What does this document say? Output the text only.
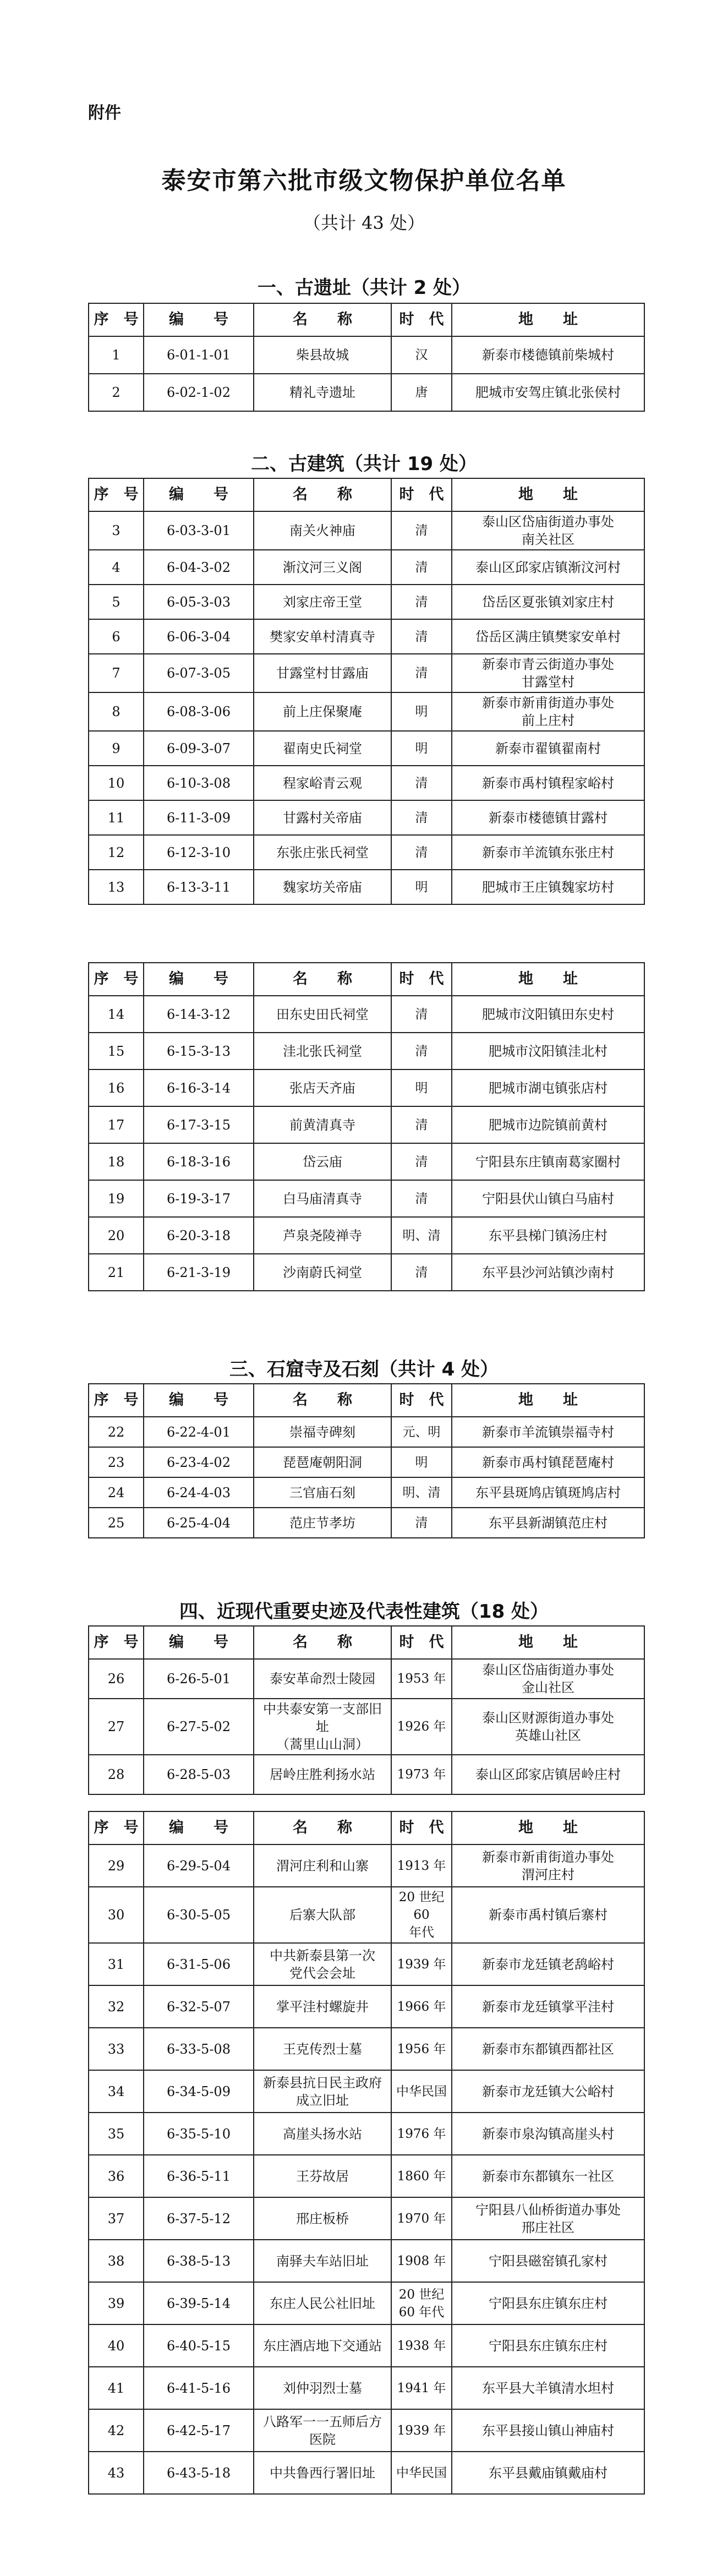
附件
泰安市第六批市级文物保护单位名单
（共计 43 处）
一、古遗址（共计 2 处）
序　号	编　　号	名　　称	时　代	地　　址
1	6-01-1-01	柴县故城	汉	新泰市楼德镇前柴城村
2	6-02-1-02	精礼寺遗址	唐	肥城市安驾庄镇北张侯村
二、古建筑（共计 19 处）
序　号	编　　号	名　　称	时　代	地　　址
3	6-03-3-01	南关火神庙	清	泰山区岱庙街道办事处
南关社区
4	6-04-3-02	渐汶河三义阁	清	泰山区邱家店镇渐汶河村
5	6-05-3-03	刘家庄帝王堂	清	岱岳区夏张镇刘家庄村
6	6-06-3-04	樊家安单村清真寺	清	岱岳区满庄镇樊家安单村
7	6-07-3-05	甘露堂村甘露庙	清	新泰市青云街道办事处
甘露堂村
8	6-08-3-06	前上庄保聚庵	明	新泰市新甫街道办事处
前上庄村
9	6-09-3-07	翟南史氏祠堂	明	新泰市翟镇翟南村
10	6-10-3-08	程家峪青云观	清	新泰市禹村镇程家峪村
11	6-11-3-09	甘露村关帝庙	清	新泰市楼德镇甘露村
12	6-12-3-10	东张庄张氏祠堂	清	新泰市羊流镇东张庄村
13	6-13-3-11	魏家坊关帝庙	明	肥城市王庄镇魏家坊村
序　号	编　　号	名　　称	时　代	地　　址
14	6-14-3-12	田东史田氏祠堂	清	肥城市汶阳镇田东史村
15	6-15-3-13	洼北张氏祠堂	清	肥城市汶阳镇洼北村
16	6-16-3-14	张店天齐庙	明	肥城市湖屯镇张店村
17	6-17-3-15	前黄清真寺	清	肥城市边院镇前黄村
18	6-18-3-16	岱云庙	清	宁阳县东庄镇南葛家圈村
19	6-19-3-17	白马庙清真寺	清	宁阳县伏山镇白马庙村
20	6-20-3-18	芦泉尧陵禅寺	明、清	东平县梯门镇汤庄村
21	6-21-3-19	沙南蔚氏祠堂	清	东平县沙河站镇沙南村
三、石窟寺及石刻（共计 4 处）
序　号	编　　号	名　　称	时　代	地　　址
22	6-22-4-01	崇福寺碑刻	元、明	新泰市羊流镇崇福寺村
23	6-23-4-02	琵琶庵朝阳洞	明	新泰市禹村镇琵琶庵村
24	6-24-4-03	三官庙石刻	明、清	东平县斑鸠店镇斑鸠店村
25	6-25-4-04	范庄节孝坊	清	东平县新湖镇范庄村
四、近现代重要史迹及代表性建筑（18 处）
序　号	编　　号	名　　称	时　代	地　　址
26	6-26-5-01	泰安革命烈士陵园	1953 年	泰山区岱庙街道办事处
金山社区
27	6-27-5-02	中共泰安第一支部旧址
（蒿里山山洞）	1926 年	泰山区财源街道办事处
英雄山社区
28	6-28-5-03	居岭庄胜利扬水站	1973 年	泰山区邱家店镇居岭庄村
序　号	编　　号	名　　称	时　代	地　　址
29	6-29-5-04	渭河庄利和山寨	1913 年	新泰市新甫街道办事处
渭河庄村
30	6-30-5-05	后寨大队部	20 世纪 60
年代	新泰市禹村镇后寨村
31	6-31-5-06	中共新泰县第一次
党代会会址	1939 年	新泰市龙廷镇老鸹峪村
32	6-32-5-07	掌平洼村螺旋井	1966 年	新泰市龙廷镇掌平洼村
33	6-33-5-08	王克传烈士墓	1956 年	新泰市东都镇西都社区
34	6-34-5-09	新泰县抗日民主政府
成立旧址	中华民国	新泰市龙廷镇大公峪村
35	6-35-5-10	高崖头扬水站	1976 年	新泰市泉沟镇高崖头村
36	6-36-5-11	王芬故居	1860 年	新泰市东都镇东一社区
37	6-37-5-12	邢庄板桥	1970 年	宁阳县八仙桥街道办事处
邢庄社区
38	6-38-5-13	南驿夫车站旧址	1908 年	宁阳县磁窑镇孔家村
39	6-39-5-14	东庄人民公社旧址	20 世纪
60 年代	宁阳县东庄镇东庄村
40	6-40-5-15	东庄酒店地下交通站	1938 年	宁阳县东庄镇东庄村
41	6-41-5-16	刘仲羽烈士墓	1941 年	东平县大羊镇清水坦村
42	6-42-5-17	八路军一一五师后方
医院	1939 年	东平县接山镇山神庙村
43	6-43-5-18	中共鲁西行署旧址	中华民国	东平县戴庙镇戴庙村
